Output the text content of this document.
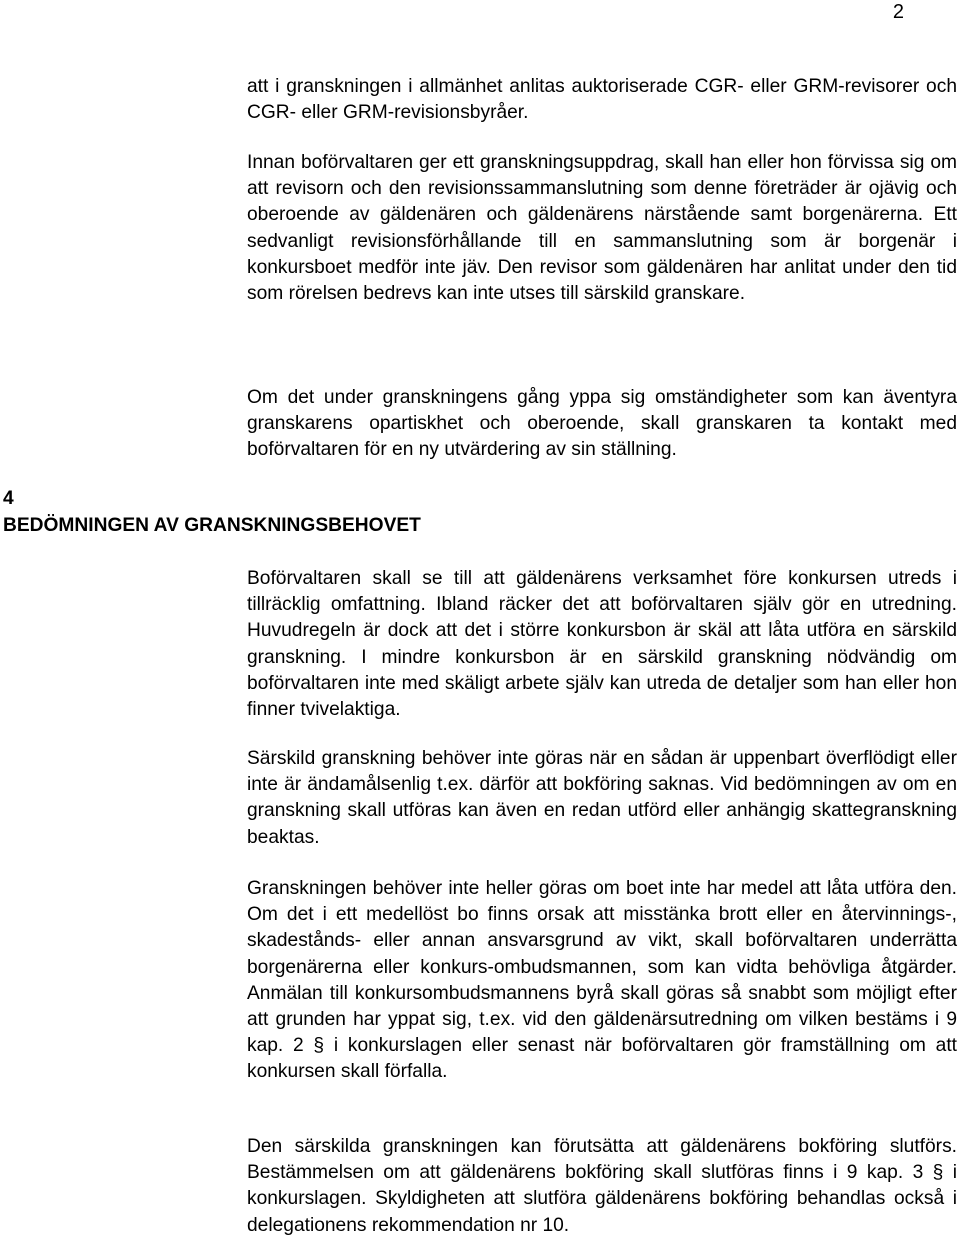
2

att i granskningen i allmänhet anlitas auktoriserade CGR- eller GRM-revisorer och CGR- eller GRM-revisionsbyråer.

Innan boförvaltaren ger ett granskningsuppdrag, skall han eller hon förvissa sig om att revisorn och den revisionssammanslutning som denne företräder är ojävig och oberoende av gäldenären och gäldenärens närstående samt borgenärerna. Ett sedvanligt revisionsförhållande till en sammanslutning som är borgenär i konkursboet medför inte jäv. Den revisor som gäldenären har anlitat under den tid som rörelsen bedrevs kan inte utses till särskild granskare.

Om det under granskningens gång yppa sig omständigheter som kan äventyra granskarens opartiskhet och oberoende, skall granskaren ta kontakt med boförvaltaren för en ny utvärdering av sin ställning.

4
BEDÖMNINGEN AV GRANSKNINGSBEHOVET

Boförvaltaren skall se till att gäldenärens verksamhet före konkursen utreds i tillräcklig omfattning. Ibland räcker det att boförvaltaren själv gör en utredning. Huvudregeln är dock att det i större konkursbon är skäl att låta utföra en särskild granskning. I mindre konkursbon är en särskild granskning nödvändig om boförvaltaren inte med skäligt arbete själv kan utreda de detaljer som han eller hon finner tvivelaktiga.

Särskild granskning behöver inte göras när en sådan är uppenbart överflödigt eller inte är ändamålsenlig t.ex. därför att bokföring saknas. Vid bedömningen av om en granskning skall utföras kan även en redan utförd eller anhängig skattegranskning beaktas.

Granskningen behöver inte heller göras om boet inte har medel att låta utföra den. Om det i ett medellöst bo finns orsak att misstänka brott eller en återvinnings-, skadestånds- eller annan ansvarsgrund av vikt, skall boförvaltaren underrätta borgenärerna eller konkurs-ombudsmannen, som kan vidta behövliga åtgärder. Anmälan till konkursombudsmannens byrå skall göras så snabbt som möjligt efter att grunden har yppat sig, t.ex. vid den gäldenärsutredning om vilken bestäms i 9 kap. 2 § i konkurslagen eller senast när boförvaltaren gör framställning om att konkursen skall förfalla.

Den särskilda granskningen kan förutsätta att gäldenärens bokföring slutförs. Bestämmelsen om att gäldenärens bokföring skall slutföras finns i 9 kap. 3 § i konkurslagen. Skyldigheten att slutföra gäldenärens bokföring behandlas också i delegationens rekommendation nr 10.
